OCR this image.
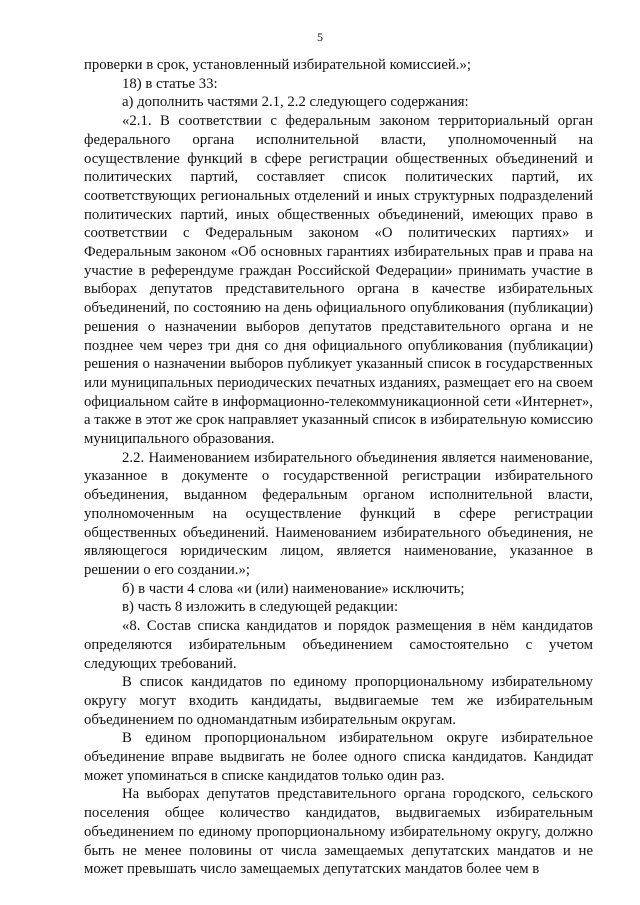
5

проверки в срок, установленный избирательной комиссией.»;

18) в статье 33:

а) дополнить частями 2.1, 2.2 следующего содержания:

«2.1. В соответствии с федеральным законом территориальный орган федерального органа исполнительной власти, уполномоченный на осуществление функций в сфере регистрации общественных объединений и политических партий, составляет список политических партий, их соответствующих региональных отделений и иных структурных подразделений политических партий, иных общественных объединений, имеющих право в соответствии с Федеральным законом «О политических партиях» и Федеральным законом «Об основных гарантиях избирательных прав и права на участие в референдуме граждан Российской Федерации» принимать участие в выборах депутатов представительного органа в качестве избирательных объединений, по состоянию на день официального опубликования (публикации) решения о назначении выборов депутатов представительного органа и не позднее чем через три дня со дня официального опубликования (публикации) решения о назначении выборов публикует указанный список в государственных или муниципальных периодических печатных изданиях, размещает его на своем официальном сайте в информационно-телекоммуникационной сети «Интернет», а также в этот же срок направляет указанный список в избирательную комиссию муниципального образования.

2.2. Наименованием избирательного объединения является наименование, указанное в документе о государственной регистрации избирательного объединения, выданном федеральным органом исполнительной власти, уполномоченным на осуществление функций в сфере регистрации общественных объединений. Наименованием избирательного объединения, не являющегося юридическим лицом, является наименование, указанное в решении о его создании.»;

б) в части 4 слова «и (или) наименование» исключить;

в) часть 8 изложить в следующей редакции:

«8. Состав списка кандидатов и порядок размещения в нём кандидатов определяются избирательным объединением самостоятельно с учетом следующих требований.

В список кандидатов по единому пропорциональному избирательному округу могут входить кандидаты, выдвигаемые тем же избирательным объединением по одномандатным избирательным округам.

В едином пропорциональном избирательном округе избирательное объединение вправе выдвигать не более одного списка кандидатов. Кандидат может упоминаться в списке кандидатов только один раз.

На выборах депутатов представительного органа городского, сельского поселения общее количество кандидатов, выдвигаемых избирательным объединением по единому пропорциональному избирательному округу, должно быть не менее половины от числа замещаемых депутатских мандатов и не может превышать число замещаемых депутатских мандатов более чем в
